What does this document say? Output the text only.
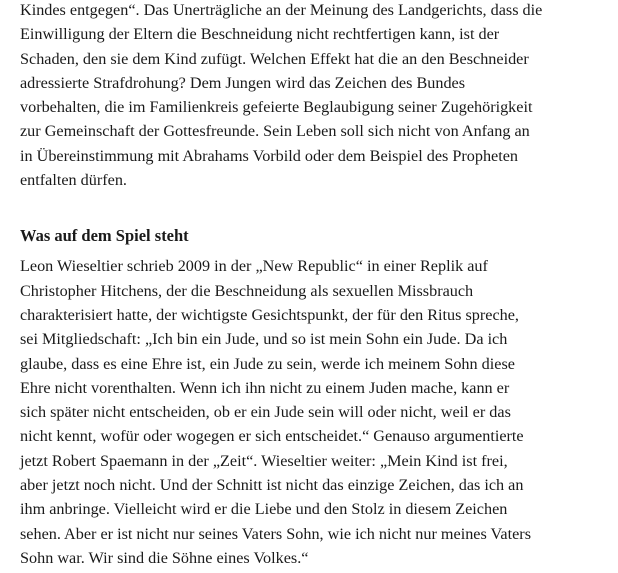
Kindes entgegen“. Das Unerträgliche an der Meinung des Landgerichts, dass die
Einwilligung der Eltern die Beschneidung nicht rechtfertigen kann, ist der
Schaden, den sie dem Kind zufügt. Welchen Effekt hat die an den Beschneider
adressierte Strafdrohung? Dem Jungen wird das Zeichen des Bundes
vorbehalten, die im Familienkreis gefeierte Beglaubigung seiner Zugehörigkeit
zur Gemeinschaft der Gottesfreunde. Sein Leben soll sich nicht von Anfang an
in Übereinstimmung mit Abrahams Vorbild oder dem Beispiel des Propheten
entfalten dürfen.

Was auf dem Spiel steht

Leon Wieseltier schrieb 2009 in der „New Republic“ in einer Replik auf
Christopher Hitchens, der die Beschneidung als sexuellen Missbrauch
charakterisiert hatte, der wichtigste Gesichtspunkt, der für den Ritus spreche,
sei Mitgliedschaft: „Ich bin ein Jude, und so ist mein Sohn ein Jude. Da ich
glaube, dass es eine Ehre ist, ein Jude zu sein, werde ich meinem Sohn diese
Ehre nicht vorenthalten. Wenn ich ihn nicht zu einem Juden mache, kann er
sich später nicht entscheiden, ob er ein Jude sein will oder nicht, weil er das
nicht kennt, wofür oder wogegen er sich entscheidet.“ Genauso argumentierte
jetzt Robert Spaemann in der „Zeit“. Wieseltier weiter: „Mein Kind ist frei,
aber jetzt noch nicht. Und der Schnitt ist nicht das einzige Zeichen, das ich an
ihm anbringe. Vielleicht wird er die Liebe und den Stolz in diesem Zeichen
sehen. Aber er ist nicht nur seines Vaters Sohn, wie ich nicht nur meines Vaters
Sohn war. Wir sind die Söhne eines Volkes.“
